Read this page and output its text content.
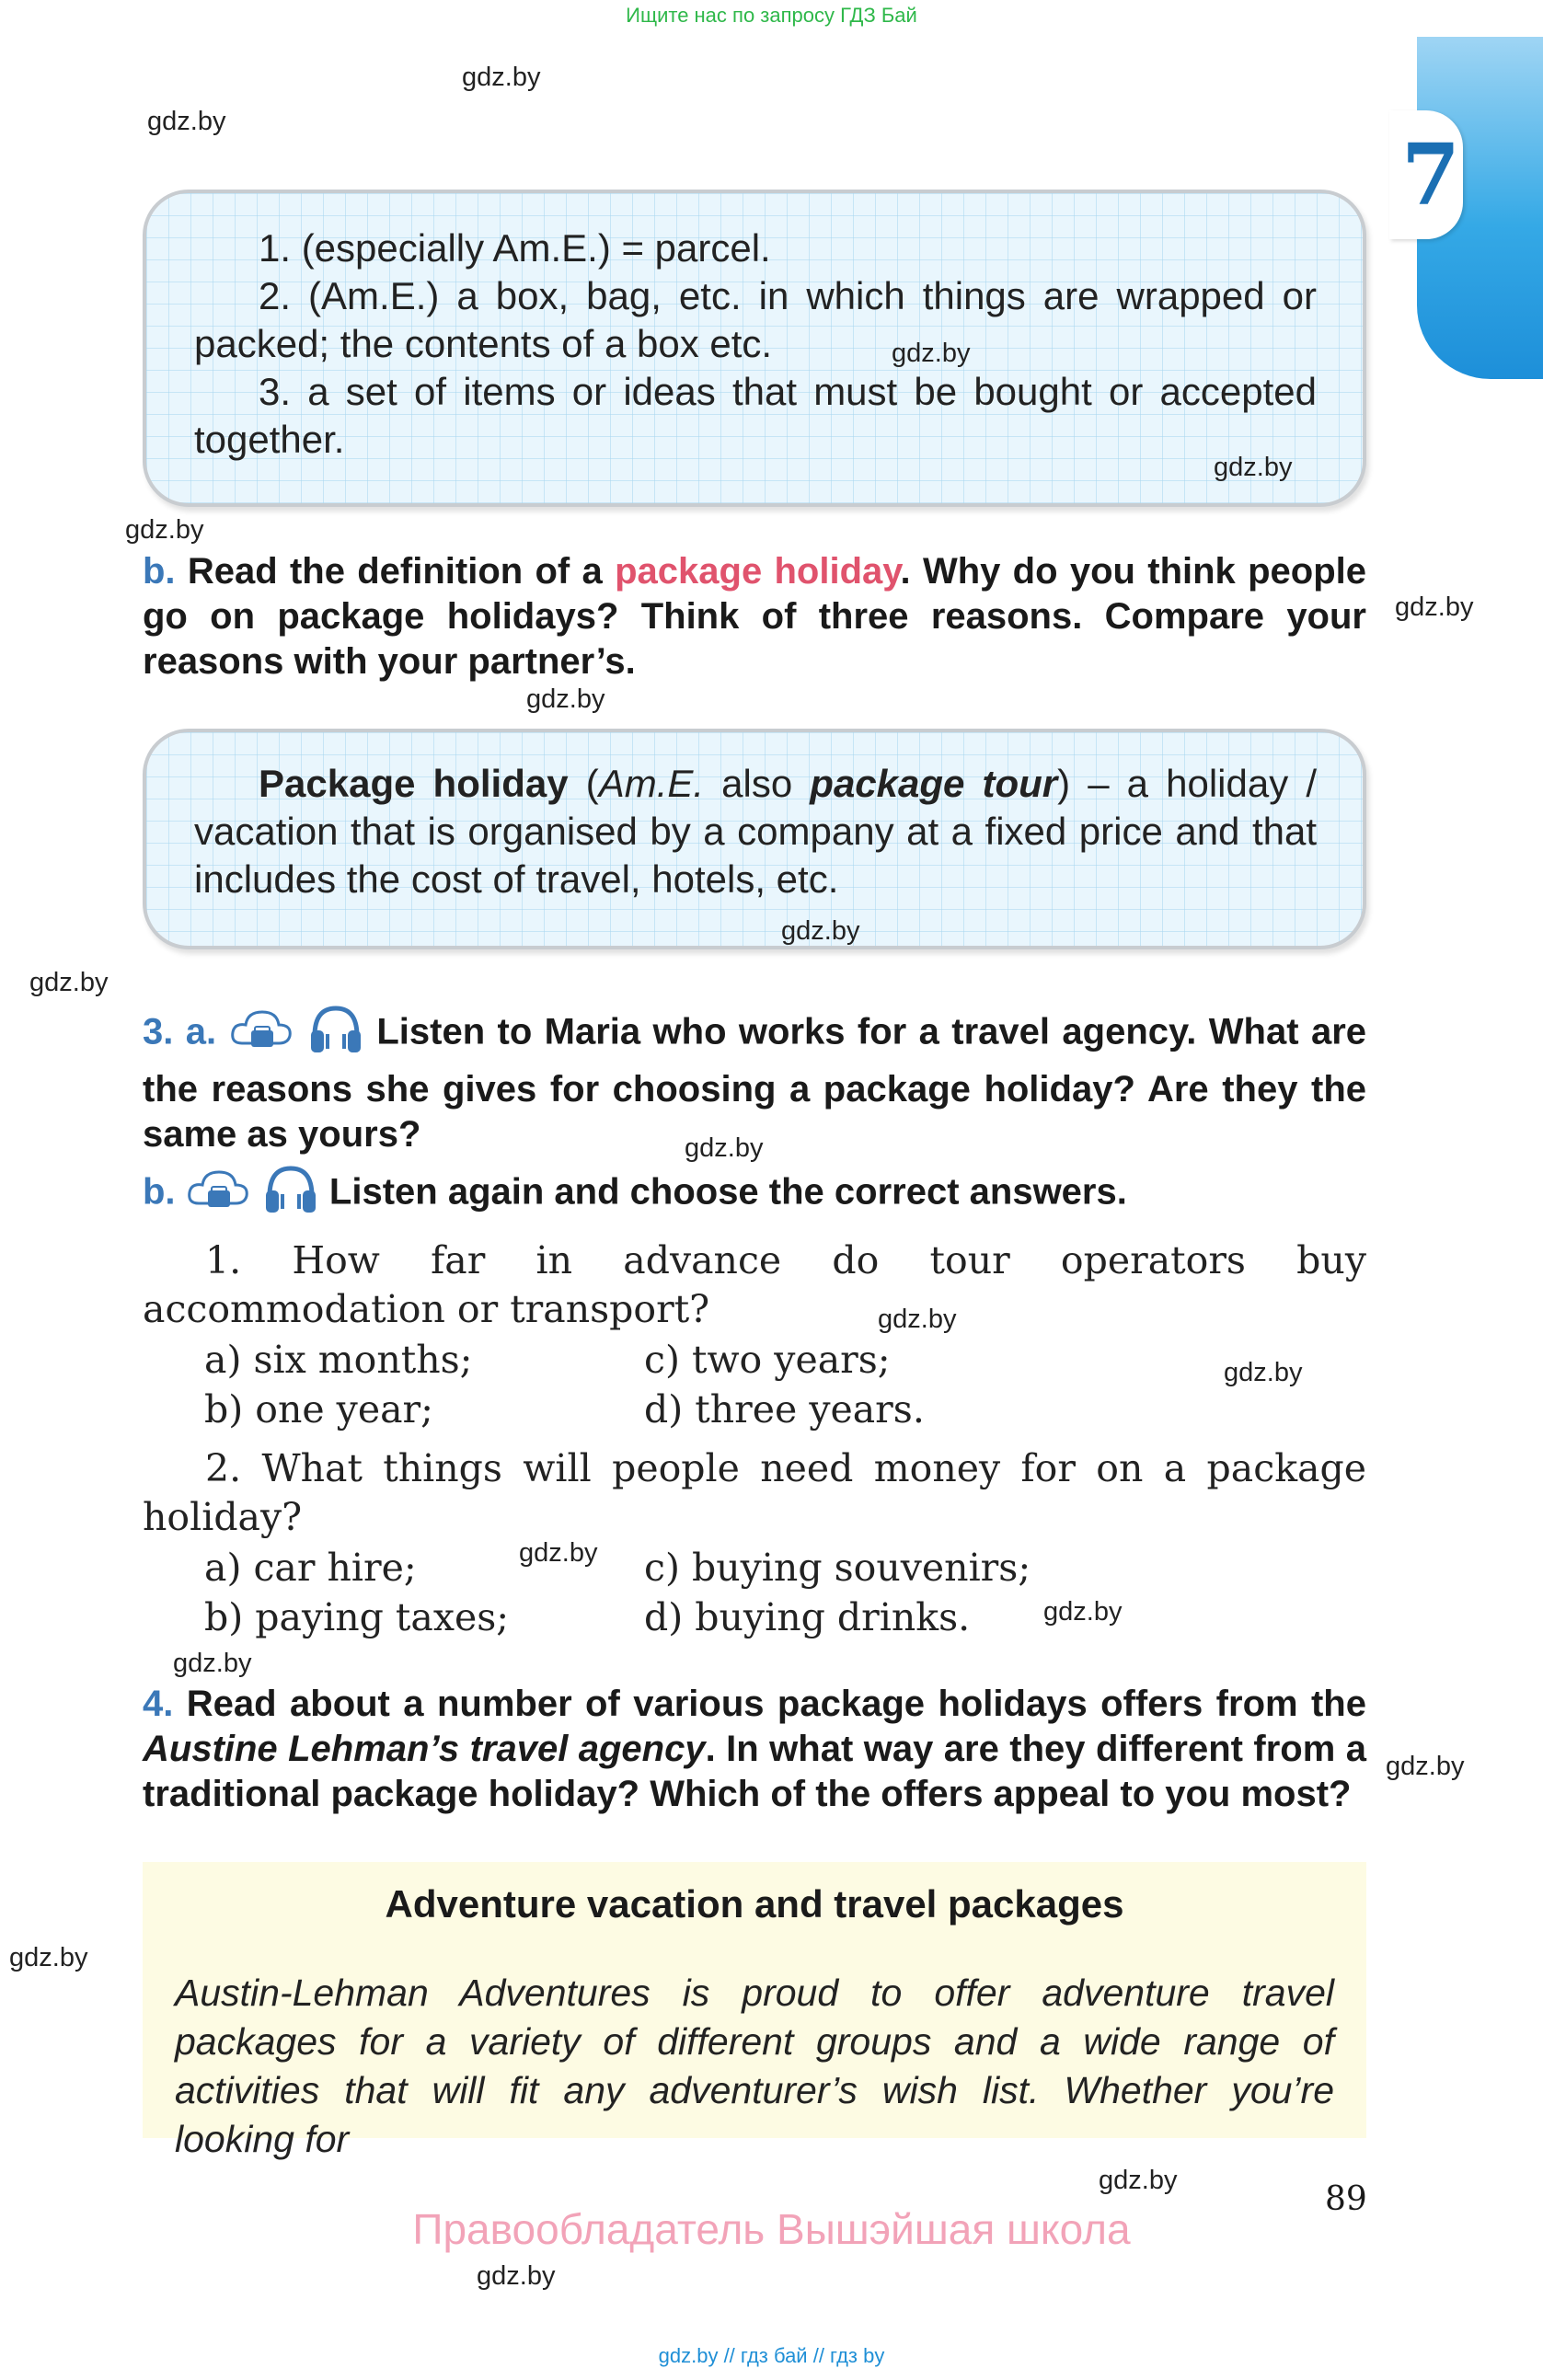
Ищите нас по запросу ГДЗ Бай
gdz.by // гдз бай // гдз by
7
gdz.by
gdz.by
gdz.by
gdz.by
gdz.by
gdz.by
gdz.by
gdz.by
gdz.by
gdz.by
gdz.by
gdz.by
gdz.by
gdz.by
gdz.by
gdz.by

1. (especially Am.E.) = parcel.

2. (Am.E.) a box, bag, etc. in which things are wrapped or packed; the contents of a box etc.

3. a set of items or ideas that must be bought or accepted together.

gdz.by
gdz.by
b. Read the definition of a package holiday. Why do you think people go on package holidays? Think of three reasons. Compare your reasons with your partner’s.

Package holiday (Am.E. also package tour) – a holiday / vacation that is organised by a company at a fixed price and that includes the cost of travel, hotels, etc.

gdz.by
3. a.	Listen to Maria who works for a travel agency. What are the reasons she gives for choosing a package holiday? Are they the same as yours?
b.	Listen again and choose the correct answers.
1. How far in advance do tour operators buy accommodation or transport?
a) six months;	c) two years;
b) one year;	d) three years.
2. What things will people need money for on a package holiday?
a) car hire;	c) buying souvenirs;
b) paying taxes;	d) buying drinks.
4. Read about a number of various package holidays offers from the Austine Lehman’s travel agency. In what way are they different from a traditional package holiday? Which of the offers appeal to you most?
Adventure vacation and travel packages
Austin-Lehman Adventures is proud to offer adventure travel packages for a variety of different groups and a wide range of activities that will fit any adventurer’s wish list. Whether you’re looking for
89
Правообладатель Вышэйшая школа
